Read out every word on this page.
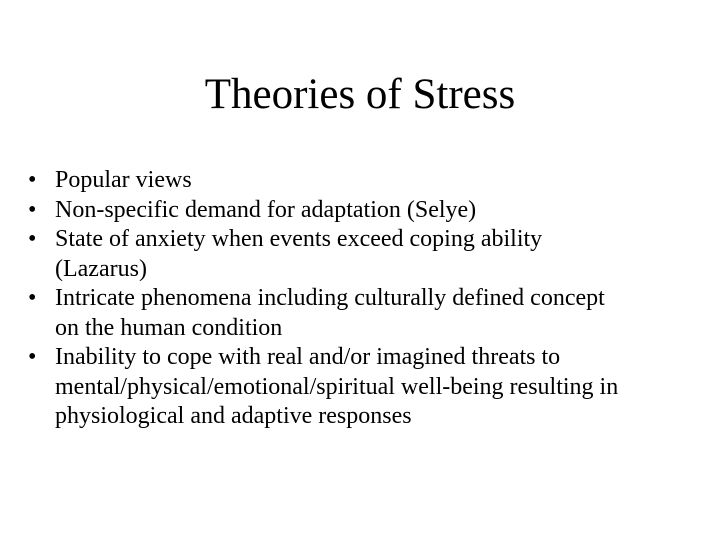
Theories of Stress
• Popular views
• Non-specific demand for adaptation (Selye)
• State of anxiety when events exceed coping ability
(Lazarus)
• Intricate phenomena including culturally defined concept
on the human condition
• Inability to cope with real and/or imagined threats to
mental/physical/emotional/spiritual well-being resulting in
physiological and adaptive responses
